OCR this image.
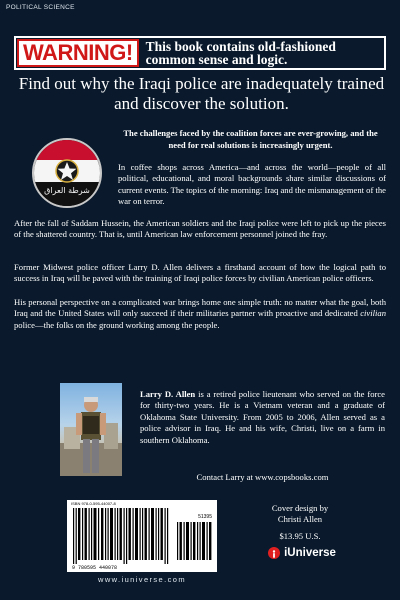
POLITICAL SCIENCE
WARNING! This book contains old-fashioned
common sense and logic.
Find out why the Iraqi police are inadequately trained and discover the solution.
شرطة العراق
The challenges faced by the coalition forces are ever-growing, and the need for real solutions is increasingly urgent.
In coffee shops across America—and across the world—people of all political, educational, and moral backgrounds share similar discussions of current events. The topics of the morning: Iraq and the mismanagement of the war on terror.
After the fall of Saddam Hussein, the American soldiers and the Iraqi police were left to pick up the pieces of the shattered country. That is, until American law enforcement personnel joined the fray.
Former Midwest police officer Larry D. Allen delivers a firsthand account of how the logical path to success in Iraq will be paved with the training of Iraqi police forces by civilian American police officers.
His personal perspective on a complicated war brings home one simple truth: no matter what the goal, both Iraq and the United States will only succeed if their militaries partner with proactive and dedicated civilian police—the folks on the ground working among the people.
Larry D. Allen is a retired police lieutenant who served on the force for thirty-two years. He is a Vietnam veteran and a graduate of Oklahoma State University. From 2005 to 2006, Allen served as a police advisor in Iraq. He and his wife, Christi, live on a farm in southern Oklahoma.
Contact Larry at www.copsbooks.com
ISBN 978-0-595-44007-8
51395
9 780595 440078
www.iuniverse.com
Cover design by
Christi Allen
$13.95 U.S.
iUniverse
